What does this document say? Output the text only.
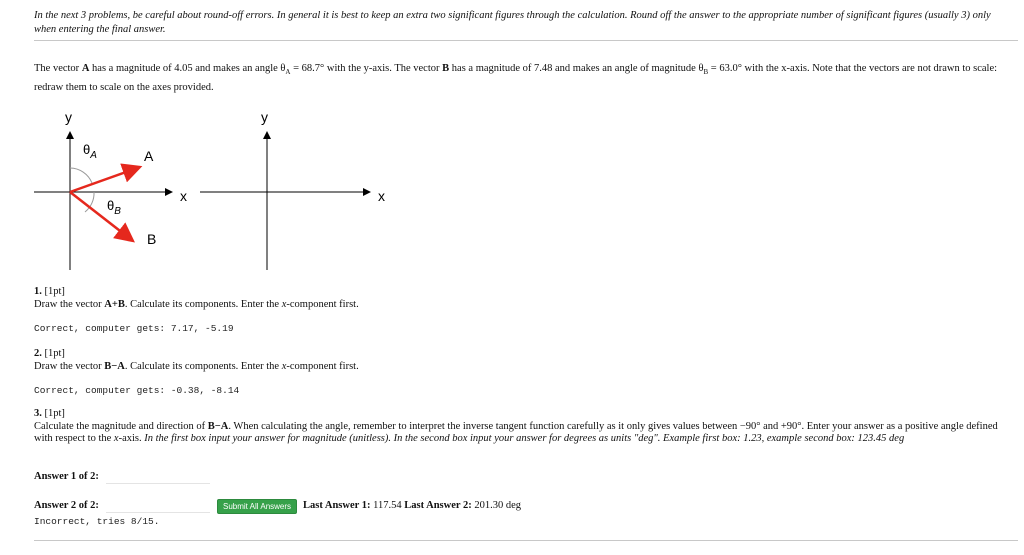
In the next 3 problems, be careful about round-off errors. In general it is best to keep an extra two significant figures through the calculation. Round off the answer to the appropriate number of significant figures (usually 3) only when entering the final answer.
The vector A has a magnitude of 4.05 and makes an angle $\theta_A = 68.7^\circ$ with the y-axis. The vector B has a magnitude of 7.48 and makes an angle of magnitude $\theta_B = 63.0^\circ$ with the x-axis. Note that the vectors are not drawn to scale: redraw them to scale on the axes provided.
y
x
$\theta_A$
$\theta_B$
A
B
y
x
1. [1pt]
Draw the vector A+B. Calculate its components. Enter the x-component first.
Correct, computer gets: 7.17, -5.19
2. [1pt]
Draw the vector B−A. Calculate its components. Enter the x-component first.
Correct, computer gets: -0.38, -8.14
3. [1pt]
Calculate the magnitude and direction of B−A. When calculating the angle, remember to interpret the inverse tangent function carefully as it only gives values between −90° and +90°. Enter your answer as a positive angle defined with respect to the x-axis. In the first box input your answer for magnitude (unitless). In the second box input your answer for degrees as units "deg". Example first box: 1.23, example second box: 123.45 deg
Answer 1 of 2:
Answer 2 of 2:	Submit All Answers	Last Answer 1: 117.54 Last Answer 2: 201.30 deg
Incorrect, tries 8/15.
